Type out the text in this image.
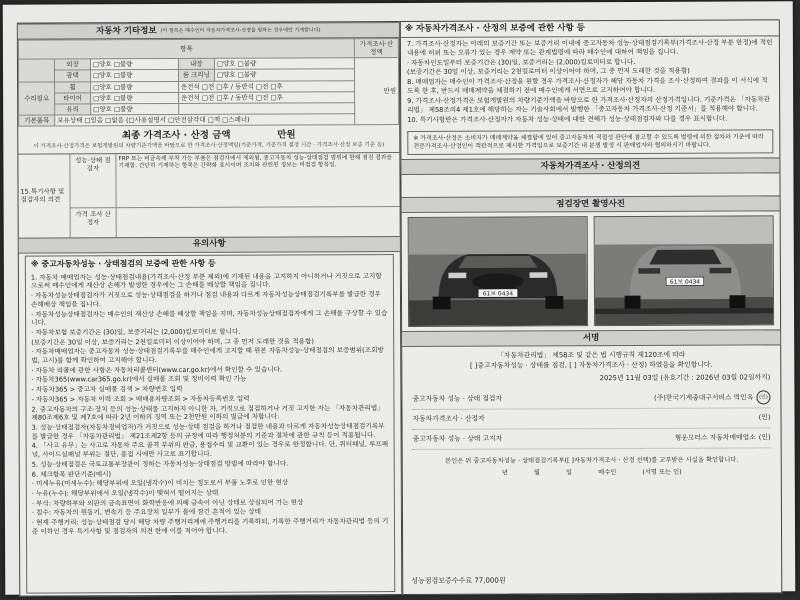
자동차 기타정보 (이 항목은 매수인이 자동차가격조사·산정을 원하는 경우에만 기재합니다)
항목					가격조사·산정액
	외장	□양호 □불량	내장	□양호 □불량	만원
	광택	□양호 □불량	룸 크리닝	□양호 □불량	
수리필요	휠	□양호 □불량	운전석 □전 □후 / 동반석 □전 □후		
	타이어	□양호 □불량	운전석 □전 □후 / 동반석 □전 □후		
	유리	□양호 □불량			
기본품목	보유상태 □있음 □없음 (□사용설명서 □안전삼각대 □잭 □스패너)				
최종 가격조사 · 산정 금액	만원
이 가격조사·산정가격은 보험개발원의 차량기준가액을 바탕으로 한 가격조사·산정액임(기준가격, 기준가격 결정 시간 · 가격조사·산정 보증 기준 등)
15.특기사항 및 점검자의 의견
성능·상태 점검자
FRP 또는 비금속재 부착 가능 부품은 점검자에서 제외됨, 중고자동차 성능·상태점검 범위에 한해 점검 결과를 기재함. 간단히 기재하는 항목은 간략화 표시이며 조치와 관련된 정보는 비점검 항목임.
가격 조사 산정자
유의사항
※ 중고자동차성능 · 상태점검의 보증에 관한 사항 등
1. 자동차 매매업자는 성능·상태점검내용(가격조사·산정 부분 제외)에 기재된 내용을 고지하지 아니하거나 거짓으로 고지함으로써 매수인에게 재산상 손해가 발생한 경우에는 그 손해를 배상할 책임을 집니다.
· 자동차성능상태점검자가 거짓으로 성능·상태점검을 하거나 점검 내용과 다르게 자동차성능상태점검기록부를 발급한 경우 손해배상 책임을 집니다.
· 자동차성능상태점검자는 매수인의 재산상 손해를 배상할 책임을 지며, 자동차성능상태점검자에게 그 손해를 구상할 수 있습니다.
· 자동차보험 보증기간은 (30)일, 보증거리는 (2,000)킬로미터로 합니다.
(보증기간은 30일 이상, 보증거리는 2천킬로미터 이상이어야 하며, 그 중 먼저 도래한 것을 적용함)
· 자동차매매업자는 중고자동차 성능·상태점검기록부를 매수인에게 고지할 때 원본 자동차성능·상태점검의 보증범위(조회방법, 고시)를 함께 확인하여 고지해야 합니다.
· 자동차 리콜에 관한 사항은 자동차리콜센터(www.car.go.kr)에서 확인할 수 있습니다.
· 자동차365(www.car365.go.kr)에서 실매물 조회 및 정비이력 확인 가능
- 자동차365 > 중고차 실매물 검색 > 차량번호 입력
- 자동차365 > 자동차 이력 조회 > 매매용차량조회 > 자동차등록번호 입력
2. 중고자동차의 구조·장치 등의 성능·상태를 고지하지 아니한 자, 거짓으로 점검하거나 거짓 고지한 자는 「자동차관리법」 제80조제6호 및 제7호에 따라 2년 이하의 징역 또는 2천만원 이하의 벌금에 처합니다.
3. 성능·상태점검자(자동차정비업자)가 거짓으로 성능·상태 점검을 하거나 점검한 내용과 다르게 자동차성능상태점검기록부를 발급한 경우 「자동차관리법」 제21조제2항 등의 규정에 따라 행정처분의 기준과 절차에 관한 규칙 등이 적용됩니다.
4. 「사고 유무」는 사고로 자동차 주요 골격 부위의 판금, 용접수리 및 교환이 있는 경우로 한정합니다. 단, 쿼터패널, 루프패널, 사이드실패널 부위는 절단, 용접 시에만 사고로 표기합니다.
5. 성능·상태점검은 국토교통부장관이 정하는 자동차성능·상태점검 방법에 따라야 합니다.
6. 체크항목 판단기준(예시)
· 미세누유(미세누수): 해당부위에 오일(냉각수)이 비치는 정도로서 부품 노후로 인한 현상
· 누유(누수): 해당부위에서 오일(냉각수)이 맺혀서 떨어지는 상태
· 부식: 차량하부와 외판의 금속표면이 화학반응에 의해 금속이 아닌 상태로 상실되어 가는 현상
· 침수: 자동차의 원동기, 변속기 등 주요장치 일부가 물에 잠긴 흔적이 있는 상태
· 현재 주행거리: 성능·상태점검 당시 해당 차량 주행거리계에 주행거리를 기록하되, 기록한 주행거리가 자동차관리법 등의 기준 이하인 경우 특기사항 및 점검자의 의견 란에 이를 적어야 합니다.
※ 자동차가격조사 · 산정의 보증에 관한 사항 등
7. 가격조사·산정자는 아래의 보증기간 또는 보증거리 이내에 중고자동차 성능·상태점검기록부(가격조사·산정 부분 한정)에 적힌 내용에 허위 또는 오류가 있는 경우 계약 또는 관계법령에 따라 매수인에 대하여 책임을 집니다.
· 자동차인도일부터 보증기간은 (30)일, 보증거리는 (2,000)킬로미터로 합니다.
(보증기간은 30일 이상, 보증거리는 2천킬로미터 이상이어야 하며, 그 중 먼저 도래한 것을 적용함)
8. 매매업자는 매수인이 가격조사·산정을 원할 경우 가격조사·산정자가 해당 자동차 가격을 조사·산정하여 결과를 이 서식에 적도록 한 후, 반드시 매매계약을 체결하기 전에 매수인에게 서면으로 고지하여야 합니다.
9. 가격조사·산정가격은 보험개발원의 차량기준가액을 바탕으로 한 가격조사·산정자의 산정가격입니다. 기준가격은 「자동차관리법」 제58조의4 제1호에 해당하는 자는 기술사회에서 발행한 「중고자동차 가격조사·산정 기준서」를 적용해야 합니다.
10. 특기사항란은 가격조사·산정자가 자동차 성능·상태에 대한 견해가 성능·상태점검자와 다를 경우 표시합니다.
※ 가격조사·산정은 소비자가 매매계약을 체결함에 있어 중고자동차의 적절성 판단에 참고할 수 있도록 법령에 의한 절차와 기준에 따라 전문가격조사·산정인이 객관적으로 제시한 가격임으로 보증기간 내 분쟁 발생 시 판매업자와 협의하시기 바랍니다.
자동차가격조사 · 산정의견
점검장면 촬영사진
61보 0434
61보 0434
서명
「자동차관리법」 제58조 및 같은 법 시행규칙 제120조에 따라
[ ]중고자동차성능 · 상태를 점검, [ ] 자동차가격조사 · 산정) 하였음을 확인합니다.
2025년 11월 03일 (유효기간 : 2026년 03월 02일까지)
중고자동차 성능 · 상태 점검자	(주)한국기계중대구서비스 박인옥	(인)
자동차가격조사 · 산정자	(인)
중고자동차 성능 · 상태 고지자	형운모터스 자동차매매업소 (인)
본인은 위 중고자동차성능 · 상태점검기록부([ ]자동차가격조사 · 산정 선택)를 교부받은 사실을 확인합니다.
년	월	일	매수인	(서명 또는 인)
성능점검보증수수료 77,000원
